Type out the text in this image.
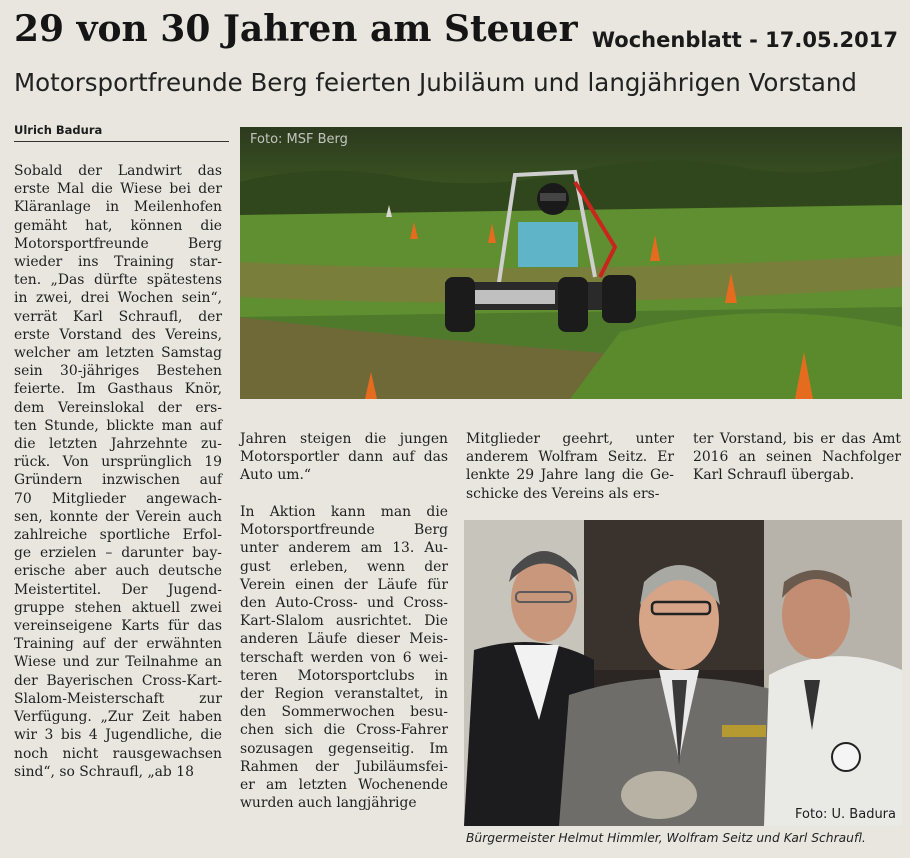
29 von 30 Jahren am Steuer Wochenblatt - 17.05.2017
Motorsportfreunde Berg feierten Jubiläum und langjährigen Vorstand
Ulrich Badura
Sobald der Landwirt das
erste Mal die Wiese bei der
Kläranlage in Meilenhofen
gemäht hat, können die
Motorsportfreunde Berg
wieder ins Training star-
ten. „Das dürfte spätestens
in zwei, drei Wochen sein“,
verrät Karl Schraufl, der
erste Vorstand des Vereins,
welcher am letzten Samstag
sein 30-jähriges Bestehen
feierte. Im Gasthaus Knör,
dem Vereinslokal der ers-
ten Stunde, blickte man auf
die letzten Jahrzehnte zu-
rück. Von ursprünglich 19
Gründern inzwischen auf
70 Mitglieder angewach-
sen, konnte der Verein auch
zahlreiche sportliche Erfol-
ge erzielen – darunter bay-
erische aber auch deutsche
Meistertitel. Der Jugend-
gruppe stehen aktuell zwei
vereinseigene Karts für das
Training auf der erwähnten
Wiese und zur Teilnahme an
der Bayerischen Cross-Kart-
Slalom-Meisterschaft zur
Verfügung. „Zur Zeit haben
wir 3 bis 4 Jugendliche, die
noch nicht rausgewachsen
sind“, so Schraufl, „ab 18
Jahren steigen die jungen
Motorsportler dann auf das
Auto um.“
In Aktion kann man die
Motorsportfreunde Berg
unter anderem am 13. Au-
gust erleben, wenn der
Verein einen der Läufe für
den Auto-Cross- und Cross-
Kart-Slalom ausrichtet. Die
anderen Läufe dieser Meis-
terschaft werden von 6 wei-
teren Motorsportclubs in
der Region veranstaltet, in
den Sommerwochen besu-
chen sich die Cross-Fahrer
sozusagen gegenseitig. Im
Rahmen der Jubiläumsfei-
er am letzten Wochenende
wurden auch langjährige
Mitglieder geehrt, unter
anderem Wolfram Seitz. Er
lenkte 29 Jahre lang die Ge-
schicke des Vereins als ers-
ter Vorstand, bis er das Amt
2016 an seinen Nachfolger
Karl Schraufl übergab.
Foto: MSF Berg
Foto: U. Badura
Bürgermeister Helmut Himmler, Wolfram Seitz und Karl Schraufl.
